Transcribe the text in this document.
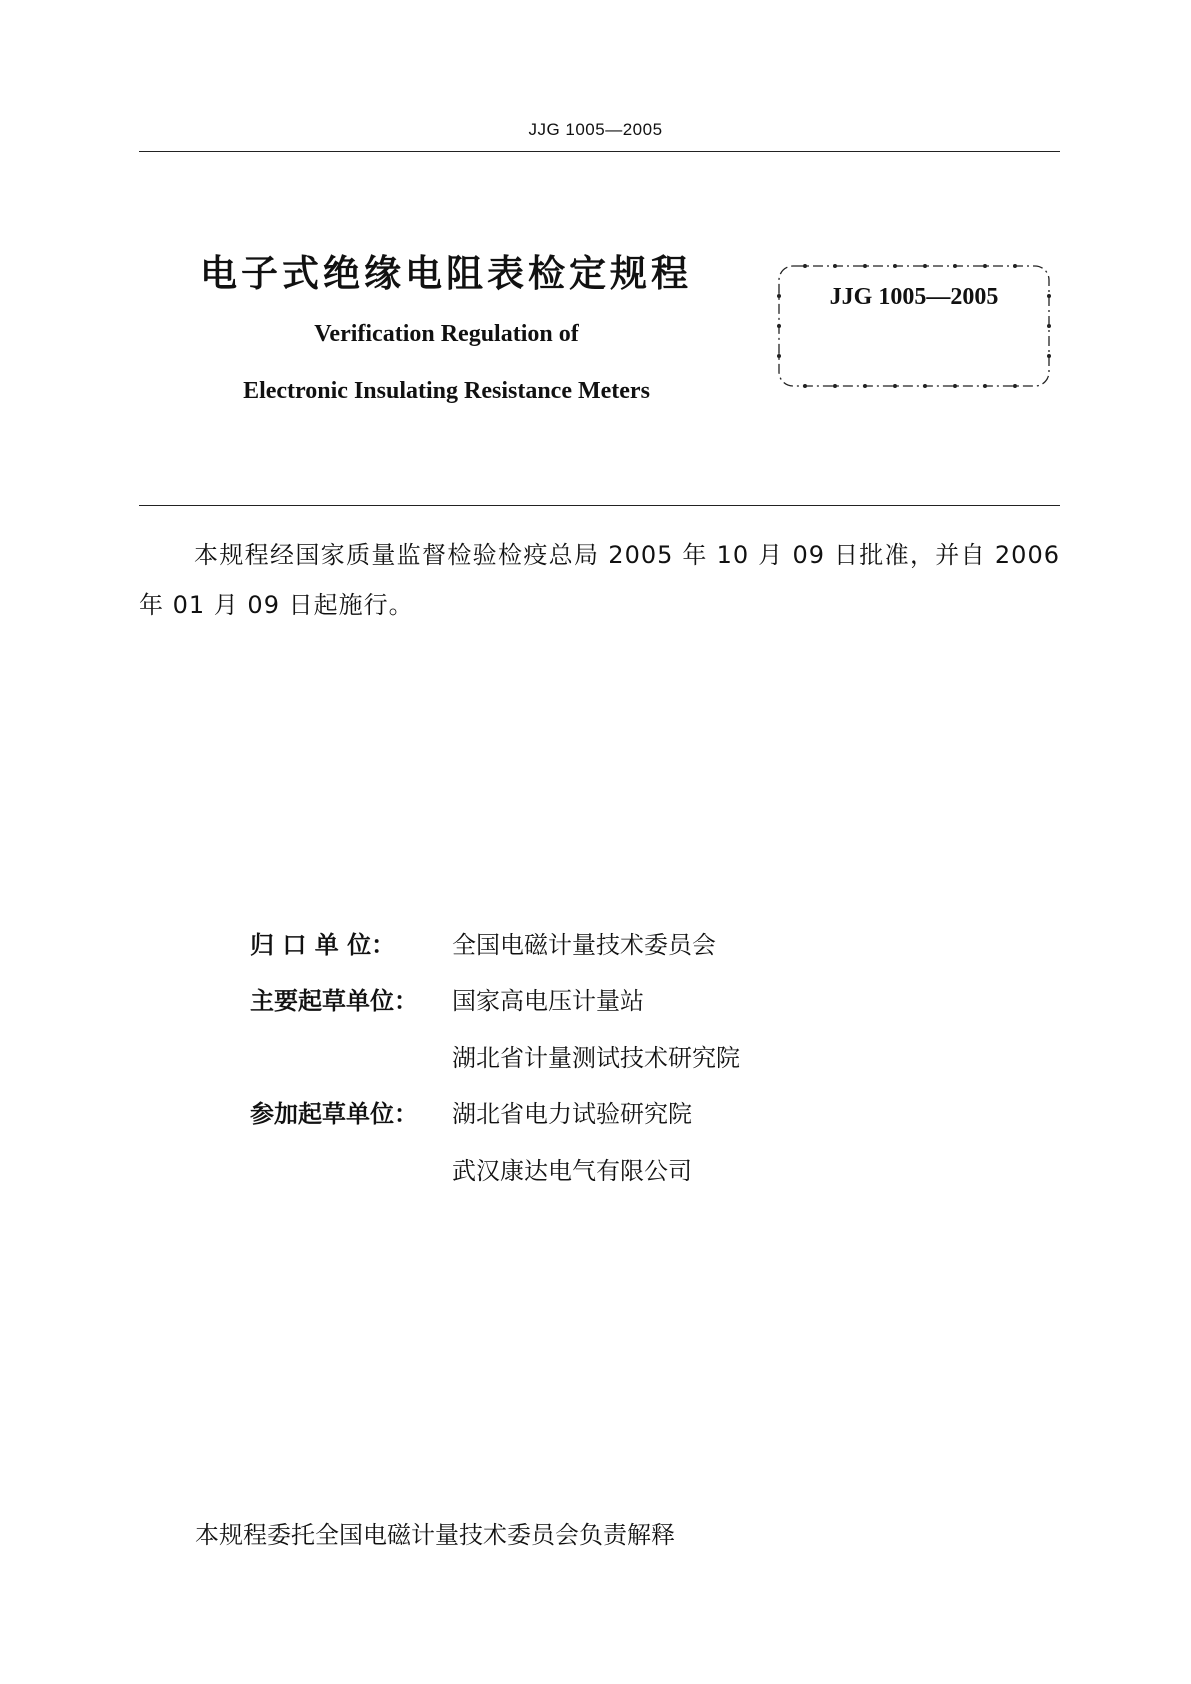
JJG 1005—2005
电子式绝缘电阻表检定规程
Verification Regulation of
Electronic Insulating Resistance Meters
JJG 1005—2005
本规程经国家质量监督检验检疫总局 2005 年 10 月 09 日批准，并自 2006 年 01 月 09 日起施行。
归 口 单 位： 全国电磁计量技术委员会
主要起草单位： 国家高电压计量站
湖北省计量测试技术研究院
参加起草单位： 湖北省电力试验研究院
武汉康达电气有限公司
本规程委托全国电磁计量技术委员会负责解释
